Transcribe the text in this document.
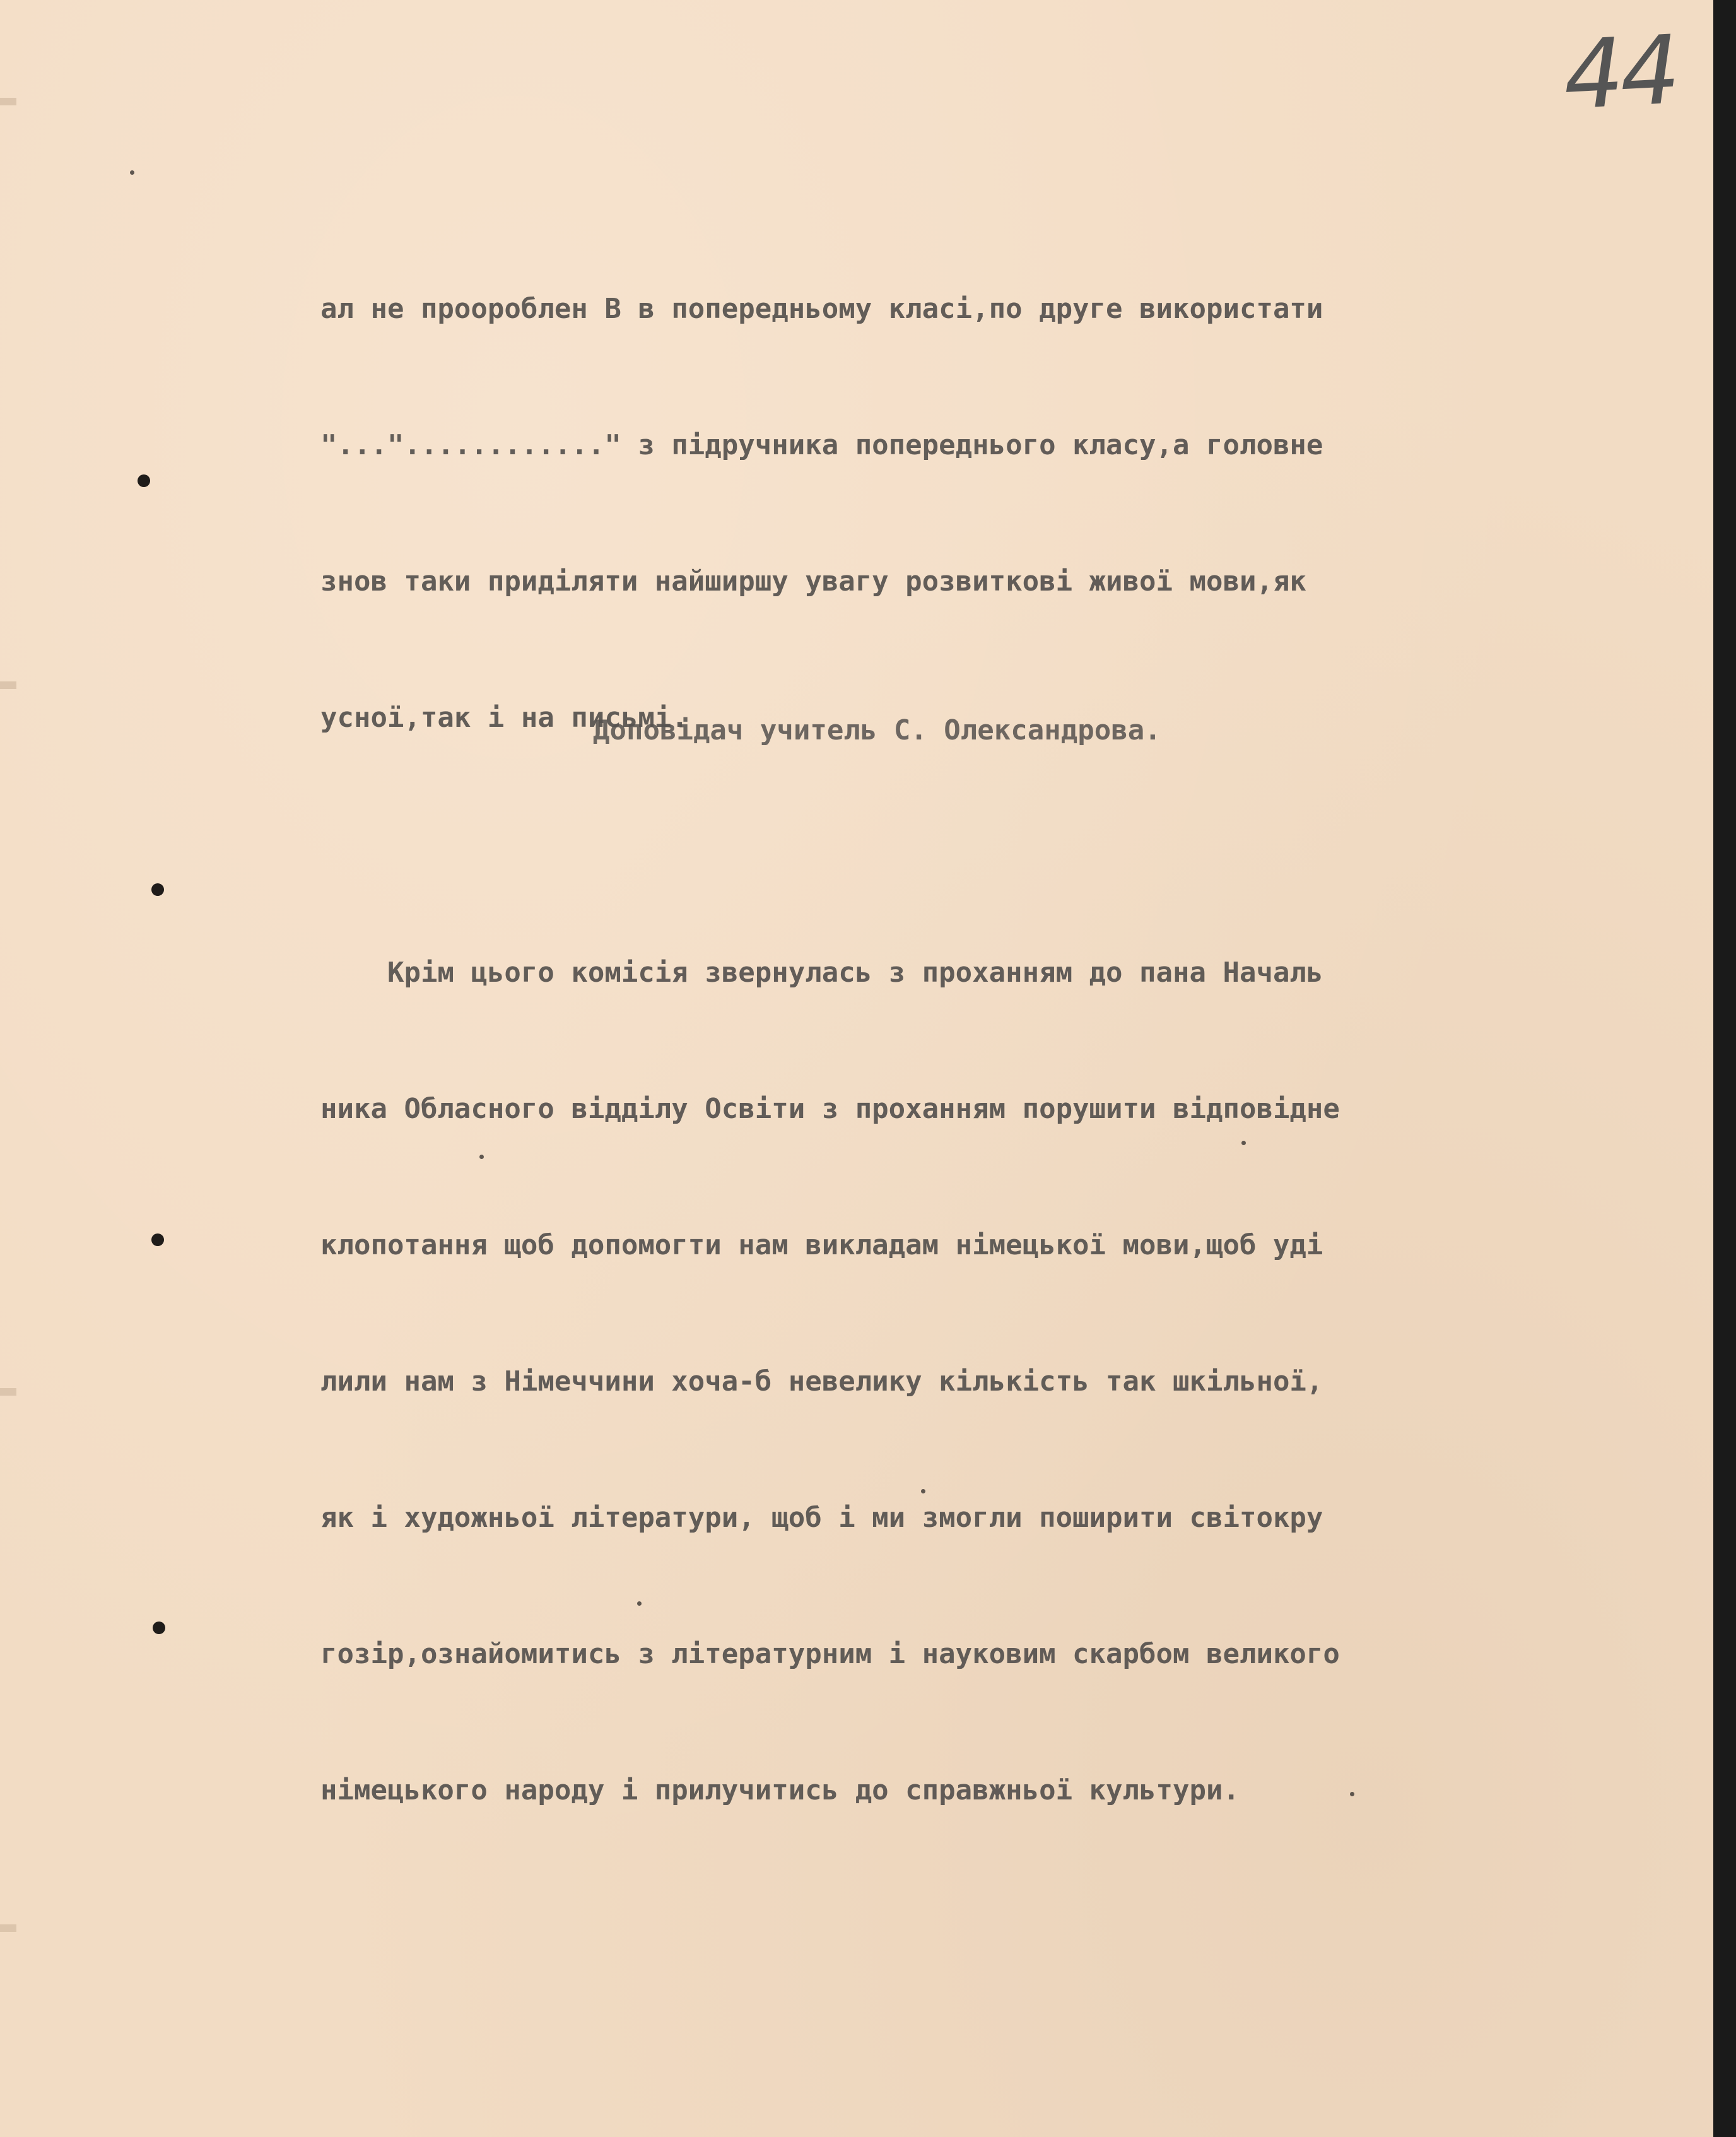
44

ал не проороблен В в попередньому класі,по друге використати

"..."............" з підручника попереднього класу,а головне

знов таки приділяти найширшу увагу розвиткові живої мови,як

усної,так і на письмі.

Крім цього комісія звернулась з проханням до пана Началь

ника Обласного відділу Освіти з проханням порушити відповідне

клопотання щоб допомогти нам викладам німецької мови,щоб уді

лили нам з Німеччини хоча-б невелику кількість так шкільної,

як і художньої літератури, щоб і ми змогли поширити світокру

гозір,ознайомитись з літературним і науковим скарбом великого

німецького народу і прилучитись до справжньої культури.

Доповідач учитель С. Олександрова.
